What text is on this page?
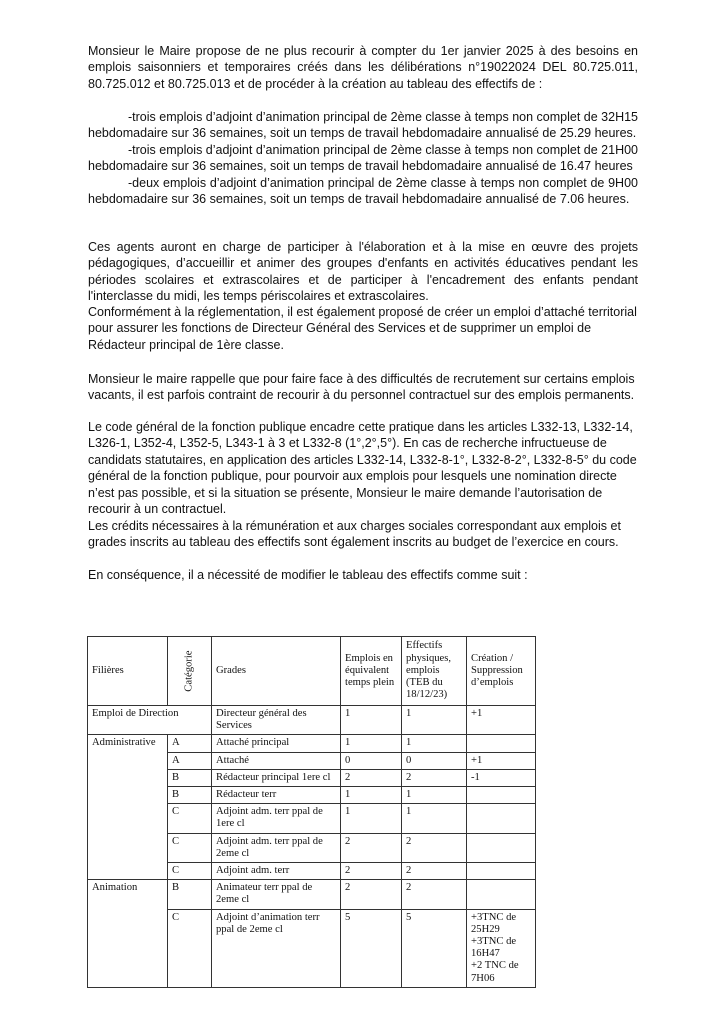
Monsieur le Maire propose de ne plus recourir à compter du 1er janvier 2025 à des besoins en emplois saisonniers et temporaires créés dans les délibérations n°19022024 DEL 80.725.011, 80.725.012 et 80.725.013 et de procéder à la création au tableau des effectifs de :

-trois emplois d’adjoint d’animation principal de 2ème classe à temps non complet de 32H15 hebdomadaire sur 36 semaines, soit un temps de travail hebdomadaire annualisé de 25.29 heures.

-trois emplois d’adjoint d’animation principal de 2ème classe à temps non complet de 21H00 hebdomadaire sur 36 semaines, soit un temps de travail hebdomadaire annualisé de 16.47 heures

-deux emplois d’adjoint d’animation principal de 2ème classe à temps non complet de 9H00 hebdomadaire sur 36 semaines, soit un temps de travail hebdomadaire annualisé de 7.06 heures.

Ces agents auront en charge de participer à l'élaboration et à la mise en œuvre des projets pédagogiques, d’accueillir et animer des groupes d'enfants en activités éducatives pendant les périodes scolaires et extrascolaires et de participer à l'encadrement des enfants pendant l'interclasse du midi, les temps périscolaires et extrascolaires.

Conformément à la réglementation, il est également proposé de créer un emploi d’attaché territorial pour assurer les fonctions de Directeur Général des Services et de supprimer un emploi de Rédacteur principal de 1ère classe.

Monsieur le maire rappelle que pour faire face à des difficultés de recrutement sur certains emplois vacants, il est parfois contraint de recourir à du personnel contractuel sur des emplois permanents.

Le code général de la fonction publique encadre cette pratique dans les articles L332-13, L332-14, L326-1, L352-4, L352-5, L343-1 à 3 et L332-8 (1°,2°,5°). En cas de recherche infructueuse de candidats statutaires, en application des articles L332-14, L332-8-1°, L332-8-2°, L332-8-5° du code général de la fonction publique, pour pourvoir aux emplois pour lesquels une nomination directe n’est pas possible, et si la situation se présente, Monsieur le maire demande l’autorisation de recourir à un contractuel.

Les crédits nécessaires à la rémunération et aux charges sociales correspondant aux emplois et grades inscrits au tableau des effectifs sont également inscrits au budget de l’exercice en cours.

En conséquence, il a nécessité de modifier le tableau des effectifs comme suit :

Filières	Catégorie	Grades	Emplois en équivalent temps plein	Effectifs physiques, emplois (TEB du 18/12/23)	Création / Suppression d’emplois
Emploi de Direction		Directeur général des Services	1	1	+1
Administrative	A	Attaché principal	1	1	
	A	Attaché	0	0	+1
	B	Rédacteur principal 1ere cl	2	2	-1
	B	Rédacteur terr	1	1	
	C	Adjoint adm. terr ppal de 1ere cl	1	1	
	C	Adjoint adm. terr ppal de 2eme cl	2	2	
	C	Adjoint adm. terr	2	2	
Animation	B	Animateur terr ppal de 2eme cl	2	2	
	C	Adjoint d’animation terr ppal de 2eme cl	5	5	+3TNC de 25H29
+3TNC de 16H47
+2 TNC de 7H06
